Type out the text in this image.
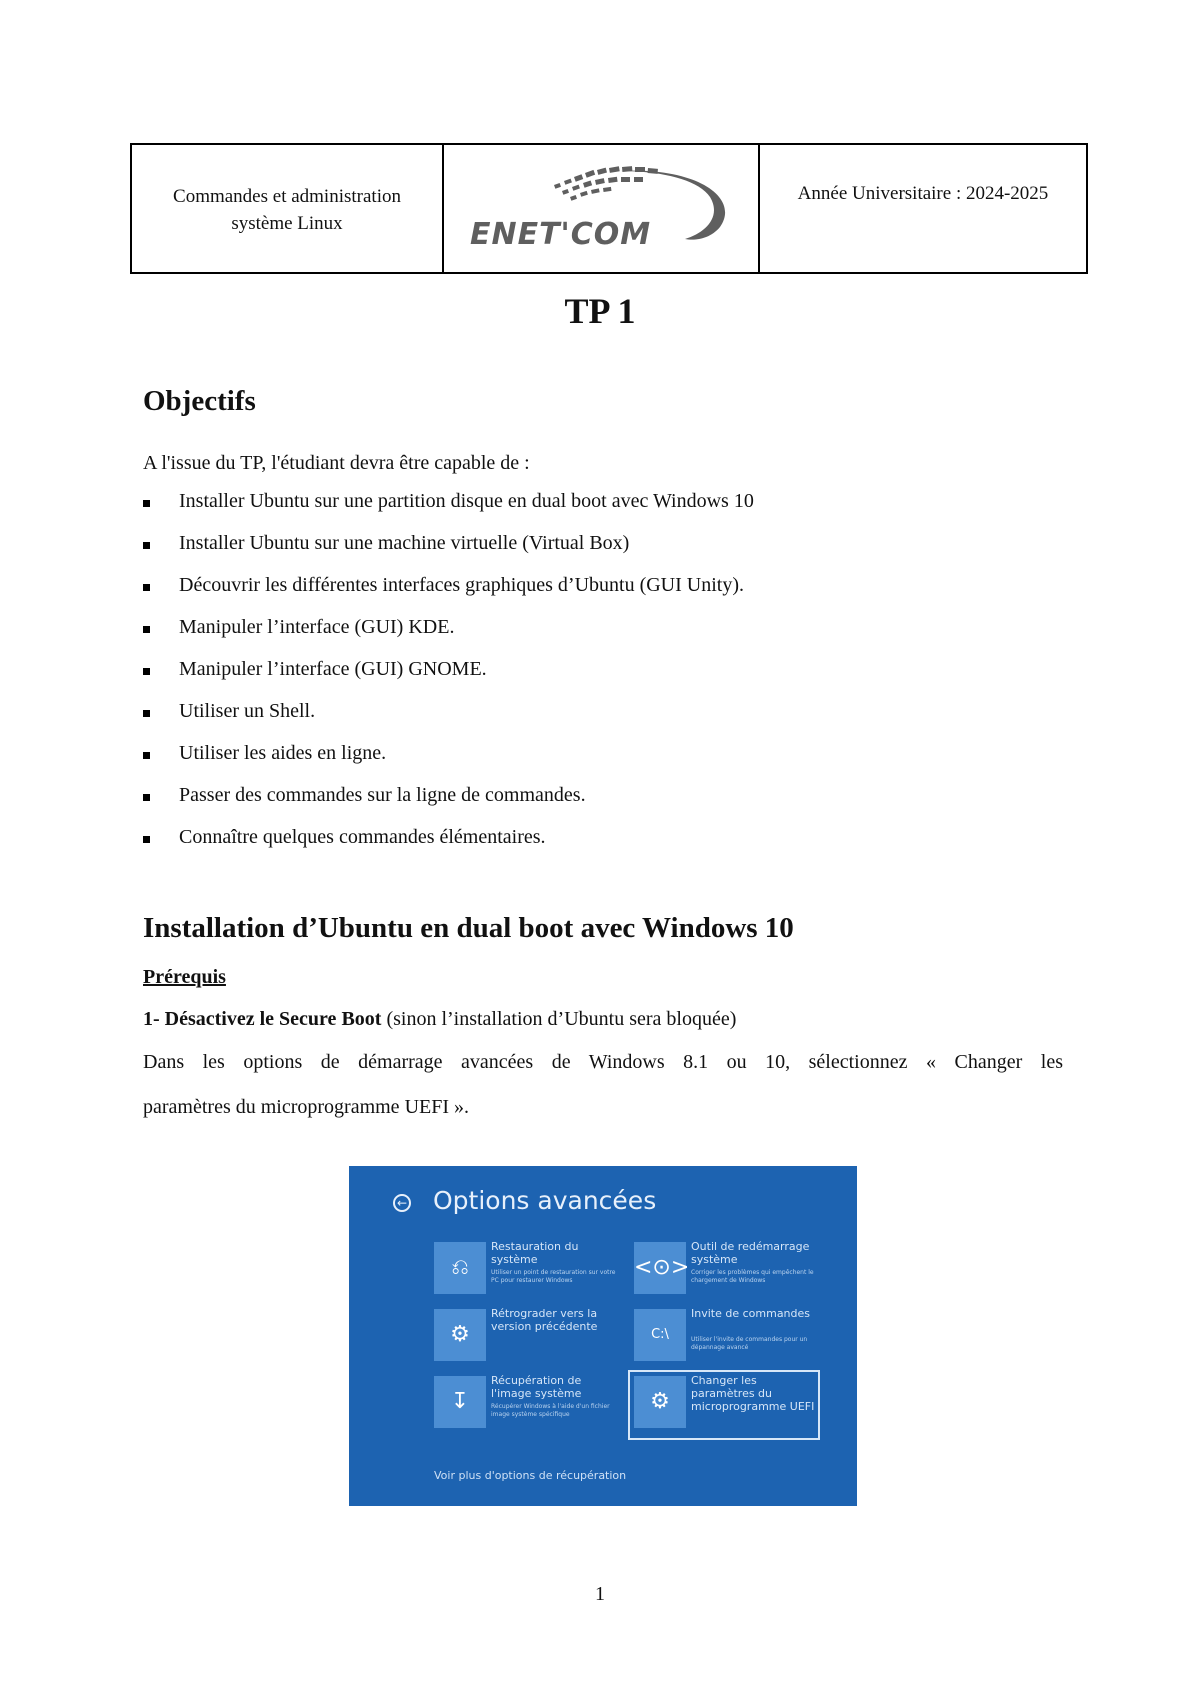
Commandes et administration
système Linux	ENET'COM
Année Universitaire : 2024-2025
TP 1
Objectifs
A l'issue du TP, l'étudiant devra être capable de :
Installer Ubuntu sur une partition disque en dual boot avec Windows 10
Installer Ubuntu sur une machine virtuelle (Virtual Box)
Découvrir les différentes interfaces graphiques d’Ubuntu (GUI Unity).
Manipuler l’interface (GUI) KDE.
Manipuler l’interface (GUI) GNOME.
Utiliser un Shell.
Utiliser les aides en ligne.
Passer des commandes sur la ligne de commandes.
Connaître quelques commandes élémentaires.
Installation d’Ubuntu en dual boot avec Windows 10
Prérequis
1- Désactivez le Secure Boot (sinon l’installation d’Ubuntu sera bloquée)
Dans les options de démarrage avancées de Windows 8.1 ou 10, sélectionnez « Changer les
paramètres du microprogramme UEFI ».
← Options avancées
⎌
Restauration du système
Utiliser un point de restauration sur votre PC pour restaurer Windows
<⊙>
Outil de redémarrage système
Corriger les problèmes qui empêchent le chargement de Windows
⚙
Rétrograder vers la version précédente
C:\
Invite de commandes
Utiliser l'invite de commandes pour un dépannage avancé
↧
Récupération de l'image système
Récupérer Windows à l'aide d'un fichier image système spécifique
⚙
Changer les paramètres du microprogramme UEFI
Voir plus d'options de récupération
1
